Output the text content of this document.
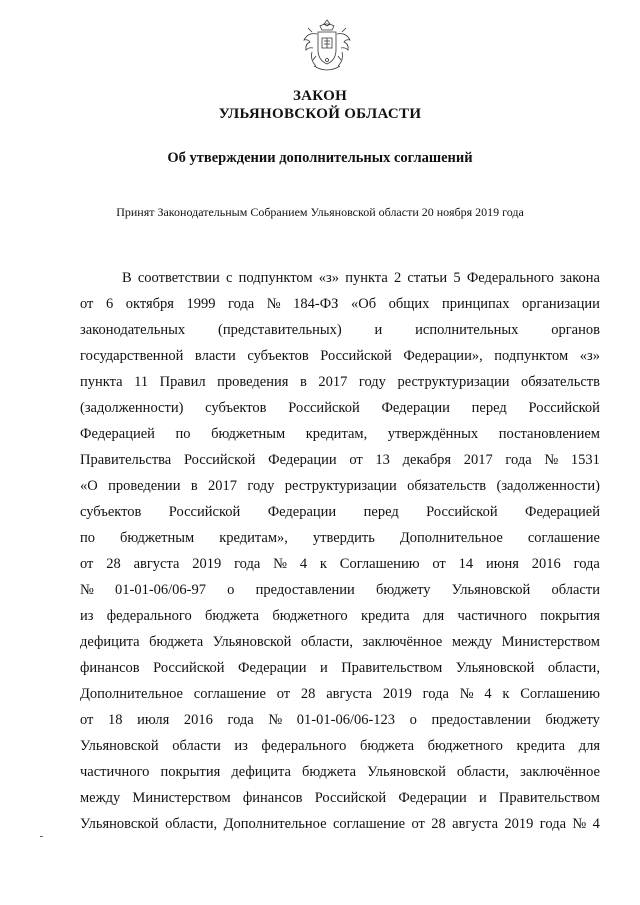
ЗАКОН
УЛЬЯНОВСКОЙ ОБЛАСТИ
Об утверждении дополнительных соглашений
Принят Законодательным Собранием Ульяновской области 20 ноября 2019 года
В соответствии с подпунктом «з» пункта 2 статьи 5 Федерального закона
от 6 октября 1999 года № 184-ФЗ «Об общих принципах организации
законодательных (представительных) и исполнительных органов
государственной власти субъектов Российской Федерации», подпунктом «з»
пункта 11 Правил проведения в 2017 году реструктуризации обязательств
(задолженности) субъектов Российской Федерации перед Российской
Федерацией по бюджетным кредитам, утверждённых постановлением
Правительства Российской Федерации от 13 декабря 2017 года № 1531
«О проведении в 2017 году реструктуризации обязательств (задолженности)
субъектов Российской Федерации перед Российской Федерацией
по бюджетным кредитам», утвердить Дополнительное соглашение
от 28 августа 2019 года № 4 к Соглашению от 14 июня 2016 года
№ 01-01-06/06-97 о предоставлении бюджету Ульяновской области
из федерального бюджета бюджетного кредита для частичного покрытия
дефицита бюджета Ульяновской области, заключённое между Министерством
финансов Российской Федерации и Правительством Ульяновской области,
Дополнительное соглашение от 28 августа 2019 года № 4 к Соглашению
от 18 июля 2016 года № 01-01-06/06-123 о предоставлении бюджету
Ульяновской области из федерального бюджета бюджетного кредита для
частичного покрытия дефицита бюджета Ульяновской области, заключённое
между Министерством финансов Российской Федерации и Правительством
Ульяновской области, Дополнительное соглашение от 28 августа 2019 года № 4
